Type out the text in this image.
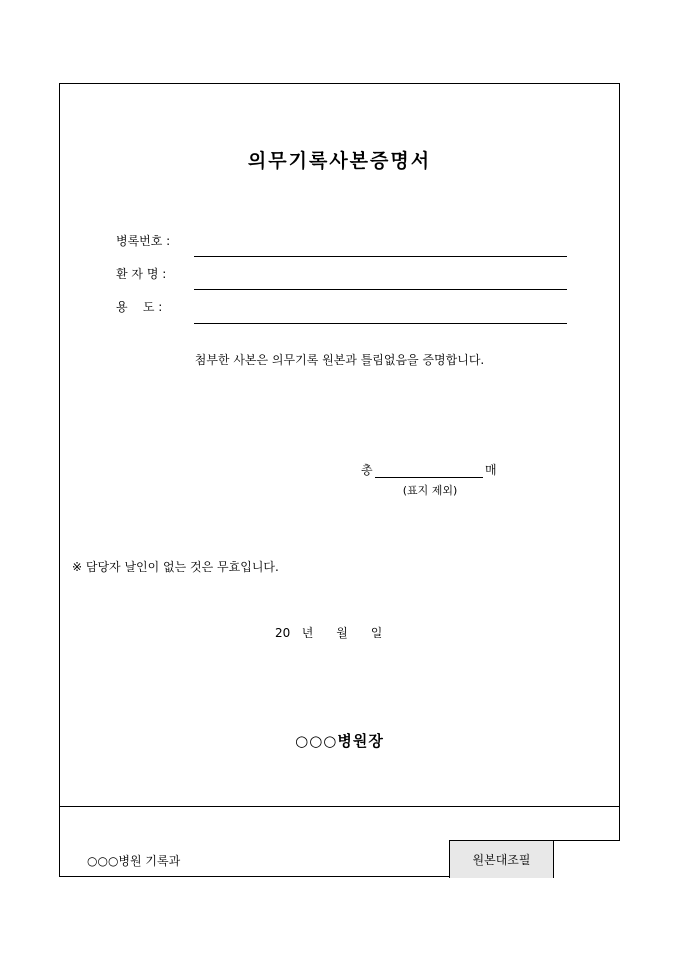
의무기록사본증명서
병록번호 :
환 자 명 :
용    도 :
첨부한 사본은 의무기록 원본과 틀림없음을 증명합니다.
총	매
(표지 제외)
※ 담당자 날인이 없는 것은 무효입니다.
20 년 월 일
○○○병원장
○○○병원 기록과	원본대조필
